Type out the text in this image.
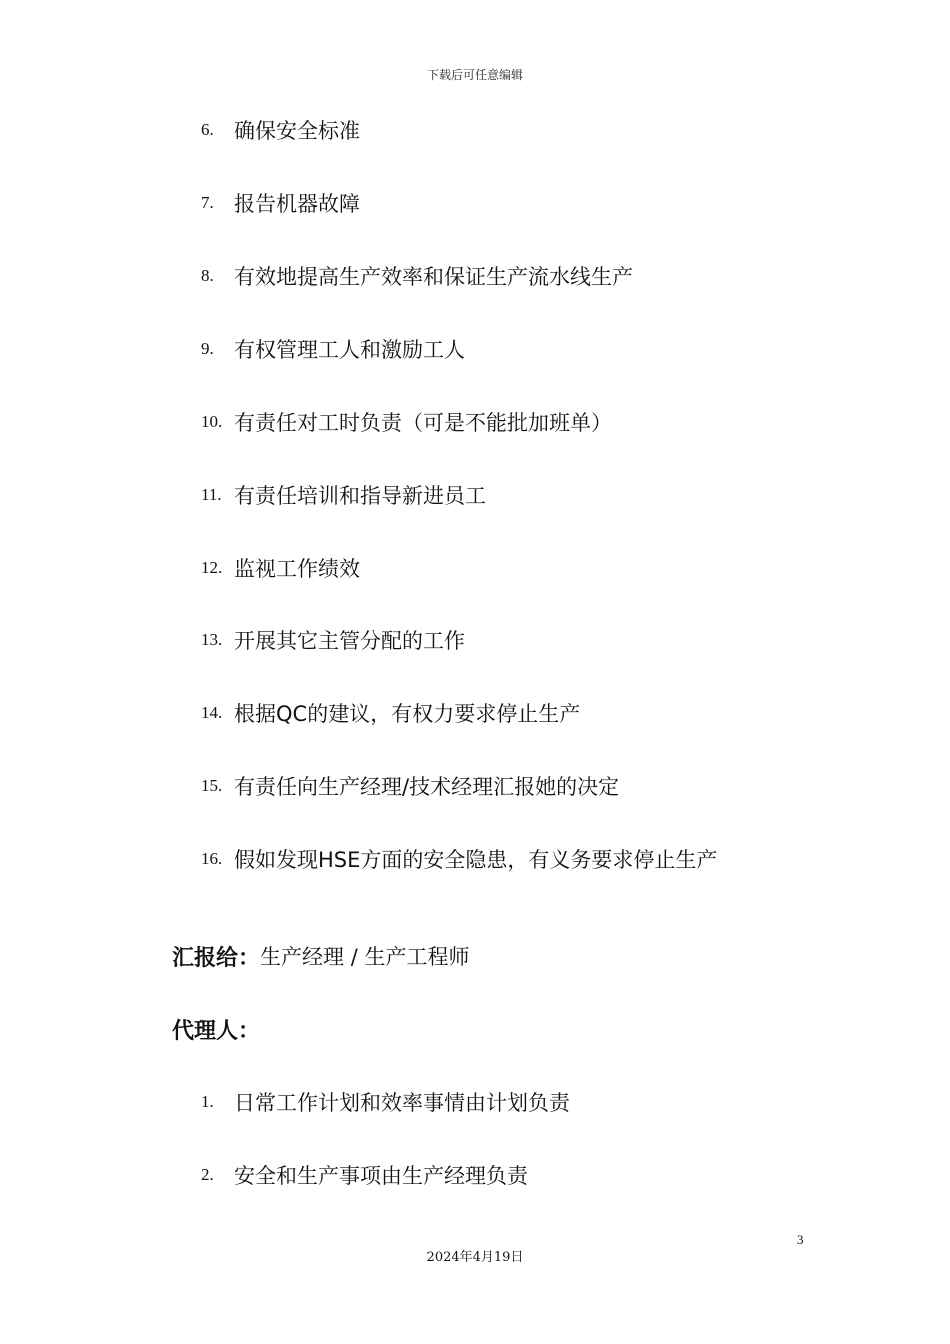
下载后可任意编辑
6. 确保安全标准
7. 报告机器故障
8. 有效地提高生产效率和保证生产流水线生产
9. 有权管理工人和激励工人
10. 有责任对工时负责（可是不能批加班单）
11. 有责任培训和指导新进员工
12. 监视工作绩效
13. 开展其它主管分配的工作
14. 根据QC的建议，有权力要求停止生产
15. 有责任向生产经理/技术经理汇报她的决定
16. 假如发现HSE方面的安全隐患，有义务要求停止生产
汇报给： 生产经理 / 生产工程师
代理人：
1. 日常工作计划和效率事情由计划负责
2. 安全和生产事项由生产经理负责
3
2024年4月19日
